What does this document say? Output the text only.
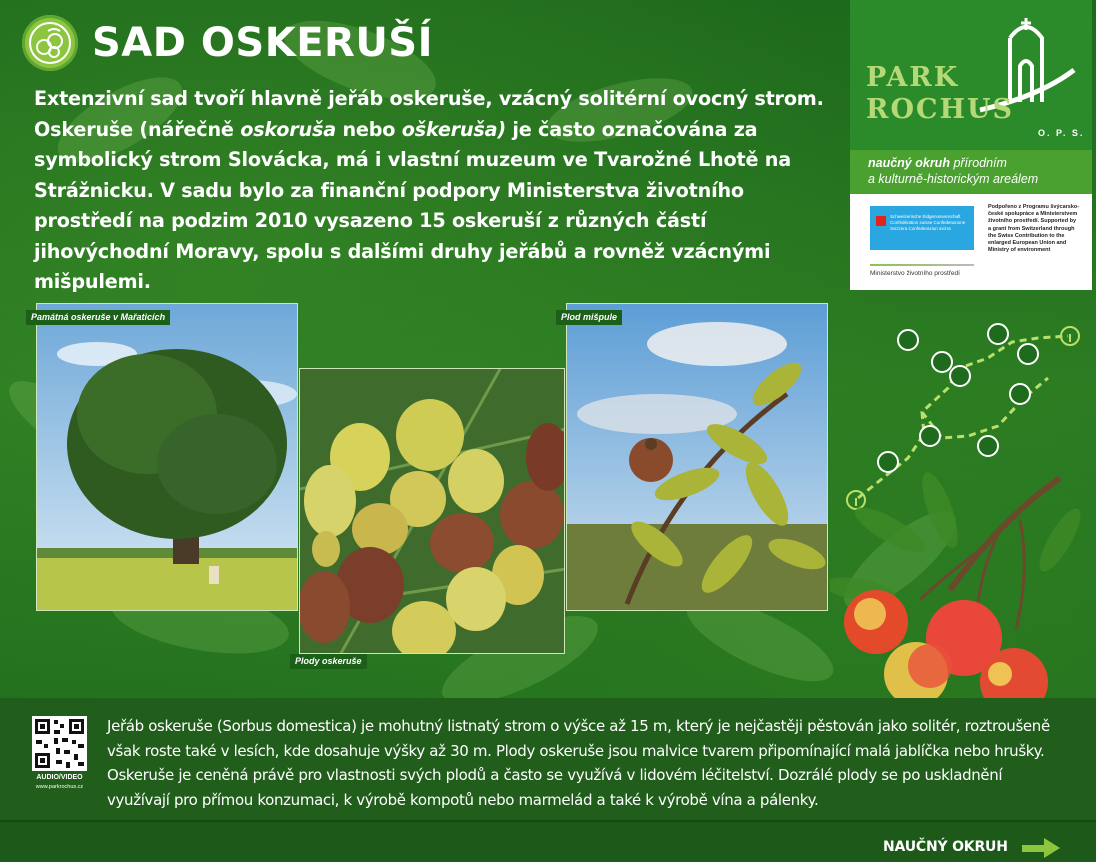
SAD OSKERUŠÍ
Extenzivní sad tvoří hlavně jeřáb oskeruše, vzácný solitérní ovocný strom. Oskeruše (nářečně oskoruša nebo oškeruša) je často označována za symbolický strom Slovácka, má i vlastní muzeum ve Tvarožné Lhotě na Strážnicku. V sadu bylo za finanční podpory Ministerstva životního prostředí na podzim 2010 vysazeno 15 oskeruší z různých částí jihovýchodní Moravy, spolu s dalšími druhy jeřábů a rovněž vzácnými mišpulemi.
PARK
ROCHUS
O. P. S.
naučný okruh přírodním
a kulturně-historickým areálem
Schweizerische Eidgenossenschaft Confédération suisse Confederazione Svizzera Confederaziun svizra
Ministerstvo životního prostředí
Podpořeno z Programu švýcarsko-české spolupráce a Ministerstvem životního prostředí. Supported by a grant from Switzerland through the Swiss Contribution to the enlarged European Union and Ministry of environment
Památná oskeruše v Mařaticích
Plody oskeruše
Plod mišpule
AUDIO/VIDEO
www.parkrochus.cz
Jeřáb oskeruše (Sorbus domestica) je mohutný listnatý strom o výšce až 15 m, který je nejčastěji pěstován jako solitér, roztroušeně však roste také v lesích, kde dosahuje výšky až 30 m. Plody oskeruše jsou malvice tvarem připomínající malá jablíčka nebo hrušky. Oskeruše je ceněná právě pro vlastnosti svých plodů a často se využívá v lidovém léčitelství. Dozrálé plody se po uskladnění využívají pro přímou konzumaci, k výrobě kompotů nebo marmelád a také k výrobě vína a pálenky.
NAUČNÝ OKRUH
